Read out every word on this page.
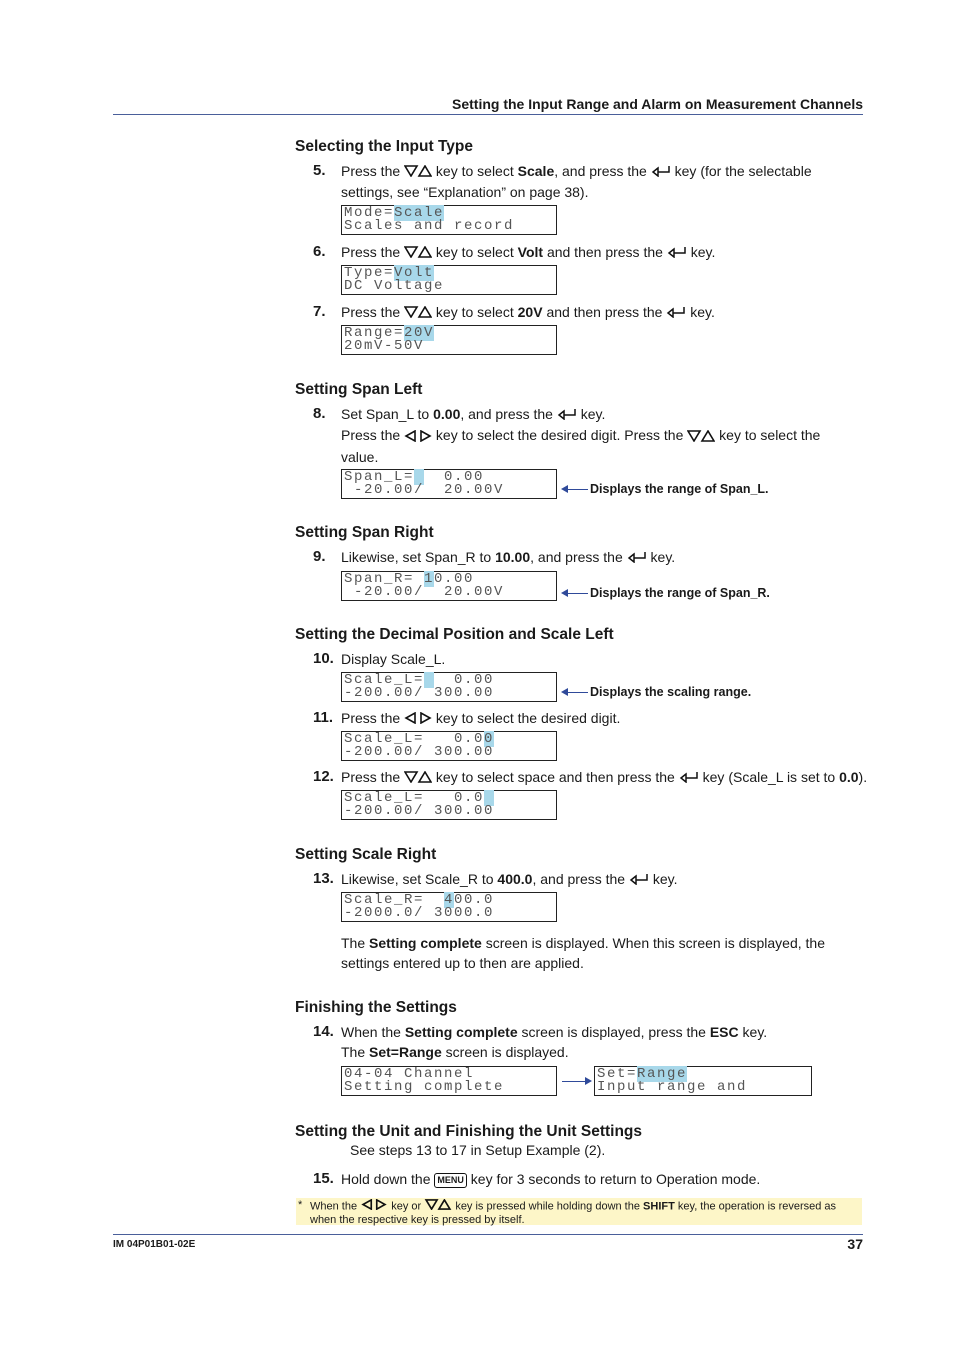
Setting the Input Range and Alarm on Measurement Channels
Selecting the Input Type
5. Press the	key to select Scale, and press the key (for the selectable
settings, see “Explanation” on page 38).
Mode=Scale
Scales and record
6. Press the	key to select Volt and then press the key.
Type=Volt
DC Voltage
7. Press the	key to select 20V and then press the key.
Range=20V
20mV-50V
Setting Span Left
8. Set Span_L to 0.00, and press the key.
Press the	key to select the desired digit. Press the	key to select the
value.
Span_L=   0.00
-20.00/  20.00V	Displays the range of Span_L.
Setting Span Right
9. Likewise, set Span_R to 10.00, and press the key.
Span_R= 10.00
-20.00/  20.00V	Displays the range of Span_R.
Setting the Decimal Position and Scale Left
10. Display Scale_L.
Scale_L=   0.00
-200.00/ 300.00	Displays the scaling range.
11. Press the	key to select the desired digit.
Scale_L=   0.00
-200.00/ 300.00
12. Press the	key to select space and then press the key (Scale_L is set to 0.0).
Scale_L=   0.0
-200.00/ 300.00
Setting Scale Right
13. Likewise, set Scale_R to 400.0, and press the key.
Scale_R=  400.0
-2000.0/ 3000.0
The Setting complete screen is displayed. When this screen is displayed, the
settings entered up to then are applied.
Finishing the Settings
14. When the Setting complete screen is displayed, press the ESC key.
The Set=Range screen is displayed.
04-04 Channel
Setting complete
Set=Range
Input range and
Setting the Unit and Finishing the Unit Settings
See steps 13 to 17 in Setup Example (2).
15. Hold down the MENU key for 3 seconds to return to Operation mode.
* When the	key or	key is pressed while holding down the SHIFT key, the operation is reversed as
when the respective key is pressed by itself.
IM 04P01B01-02E	37
